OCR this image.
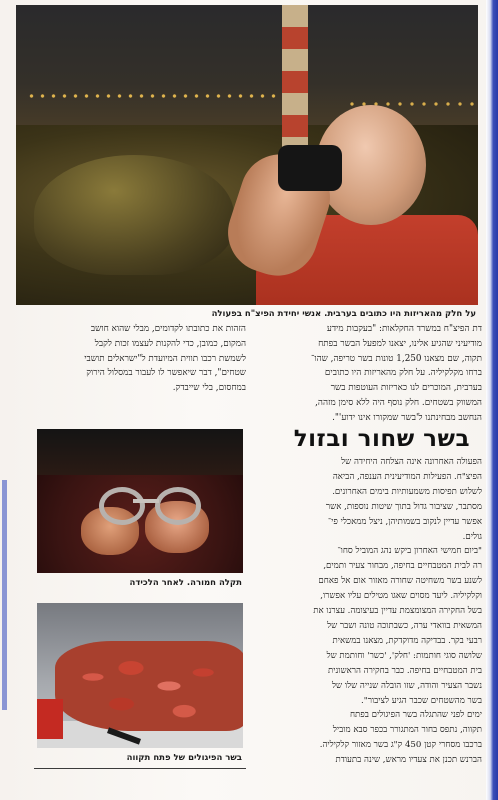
על חלק מהאריזות היו כתובים בערבית. אנשי יחידת הפיצ"ח בפעולה

הזהות את כתובתו לקדומים, מבלי שהוא חושב

המקום, כמובן, כדי להקנות לעצמו זכות לקבל

לשמשת רכבו תווית המיועדת ל"ישראלים תושבי

שטחים", דבר שיאפשר לו לעבור במסלול הירוק

במחסום, בלי שייבדק.

דת הפיצ"ח במשרד החקלאות: "בעקבות מידע

מודיעיני שהגיע אלינו, יצאנו למפעל הבשר בפתח

תקוה, שם מצאנו 1,250 טונות בשר טריפה, שהו־

ברחו מקלקיליה. על חלק מהאריזות היו כתובים

בערבית, המוכרים לנו כאריזות העוטפות בשר

המשווק בשטחים. חלק נוסף היה ללא סימן מזהה,

הנחשב מבחינתנו ל'בשר שמקורו אינו ידוע'".

בשר שחור ובזול

הפעולה האחרונה אינה הצלחה היחידה של

הפיצ"ח. הפעילות המודיעינית הענפה, הביאה

לשלוש תפיסות משמעותיות בימים האחרונים.

מסתבר, שציבור גדול בתוך שיטות נוספות, אשר

אפשר עדיין לנקוב בשמותיהן, ניצל ממאכלי פי־

גולים.

"ביום חמישי האחרון ביקש נהג המוביל סחו־

רה לבית המטבחיים בחיפה, מבחור צעיר ותמים,

לשנע בשר משחיטה שחורה מאזור אום אל פאחם

וקלקיליה. ליעד מסוים שאגו מטילים עליו אפשרו,

בשל החקירה המצומצמת עדיין בעיצומה. עצרנו את

המשאית בוואדי ערה, כשבתוכה טונה ושבר של

רבעי בקר. בבדיקה מדוקדקת, מצאנו במשאית

שלושה סוגי חותמות: 'חלק', 'כשר' וחותמת של

בית המטבחיים בחיפה. כבר בחקירה הראשונית

נשבר הצעיר והודה, שזו הובלה שנייה שלו של

בשר מהשטחים שכבר הגיע לציבור".

ימים לפני שהתגלה בשר הפיגולים בפתח

תקווה, נתפס בחור המתגורר בכפר סבא מוביל

ברכבו מסחרי קטן 450 ק"ג בשר מאזור קלקיליה.

הברנש תכנן את צעדיו מראש, שינה בתעודת

תקלה חמורה. לאחר הלכידה
בשר הפיגולים של פתח תקווה
